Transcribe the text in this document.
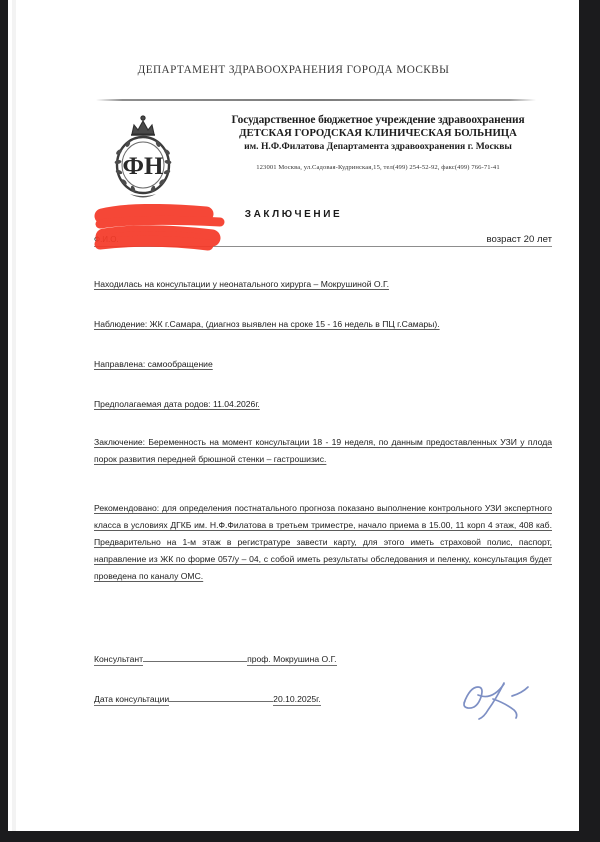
ДЕПАРТАМЕНТ ЗДРАВООХРАНЕНИЯ ГОРОДА МОСКВЫ
ФН
Государственное бюджетное учреждение здравоохранения
ДЕТСКАЯ ГОРОДСКАЯ КЛИНИЧЕСКАЯ БОЛЬНИЦА
им. Н.Ф.Филатова Департамента здравоохранения г. Москвы
123001 Москва, ул.Садовая-Кудринская,15, тел(499) 254-52-92, факс(499) 766-71-41
ЗАКЛЮЧЕНИЕ
Ф.И.О.	возраст 20 лет
Находилась на консультации у неонатального хирурга – Мокрушиной О.Г.
Наблюдение: ЖК г.Самара, (диагноз выявлен на сроке 15 - 16 недель в ПЦ г.Самары).
Направлена: самообращение
Предполагаемая дата родов: 11.04.2026г.
Заключение: Беременность на момент консультации 18 - 19 неделя, по данным предоставленных УЗИ у плода порок развития передней брюшной стенки – гастрошизис.
Рекомендовано: для определения постнатального прогноза показано выполнение контрольного УЗИ экспертного класса в условиях ДГКБ им. Н.Ф.Филатова в третьем триместре, начало приема в 15.00, 11 корп 4 этаж, 408 каб. Предварительно на 1-м этаж в регистратуре завести карту, для этого иметь страховой полис, паспорт, направление из ЖК по форме 057/у – 04, с собой иметь результаты обследования и пеленку, консультация будет проведена по каналу ОМС.
Консультант	проф. Мокрушина О.Г.
Дата консультации	20.10.2025г.
